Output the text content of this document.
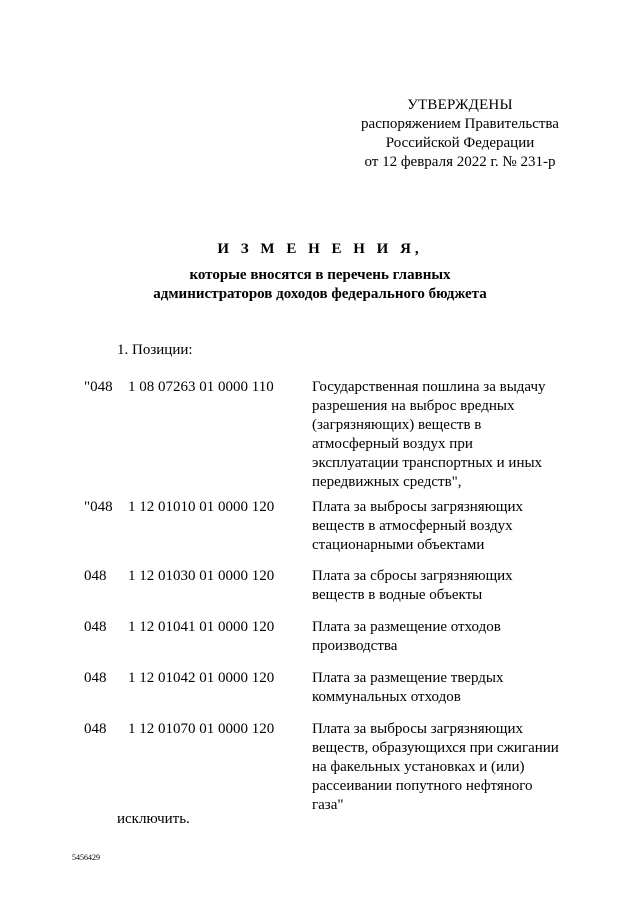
УТВЕРЖДЕНЫ
распоряжением Правительства
Российской Федерации
от 12 февраля 2022 г. № 231-р
И З М Е Н Е Н И Я,
которые вносятся в перечень главных
администраторов доходов федерального бюджета
1. Позиции:
"048 1 08 07263 01 0000 110	Государственная пошлина за выдачу
разрешения на выброс вредных
(загрязняющих) веществ в
атмосферный воздух при
эксплуатации транспортных и иных
передвижных средств",
"048 1 12 01010 01 0000 120	Плата за выбросы загрязняющих
веществ в атмосферный воздух
стационарными объектами
048 1 12 01030 01 0000 120	Плата за сбросы загрязняющих
веществ в водные объекты
048 1 12 01041 01 0000 120	Плата за размещение отходов
производства
048 1 12 01042 01 0000 120	Плата за размещение твердых
коммунальных отходов
048 1 12 01070 01 0000 120	Плата за выбросы загрязняющих
веществ, образующихся при сжигании
на факельных установках и (или)
рассеивании попутного нефтяного
газа"
исключить.
5456429
